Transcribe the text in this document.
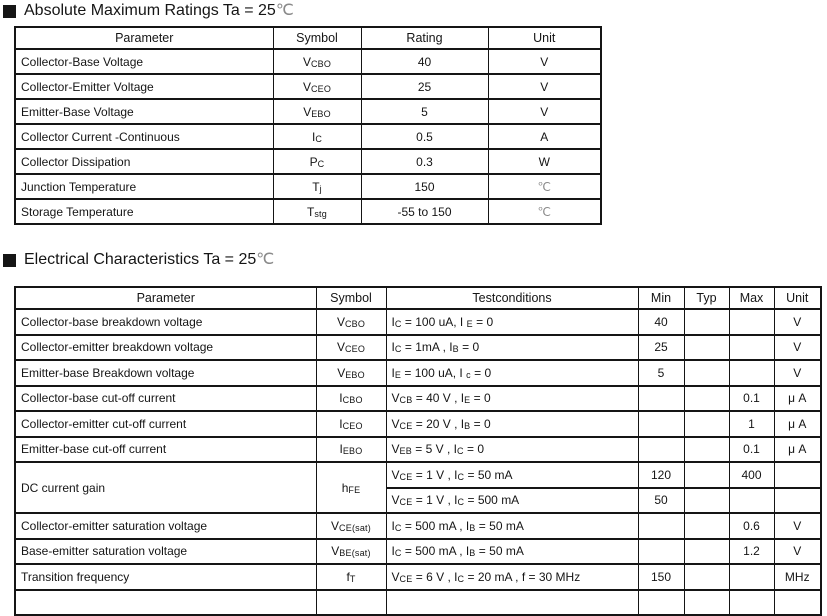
Absolute Maximum Ratings Ta = 25℃
Parameter	Symbol	Rating	Unit
Collector-Base Voltage	VCBO	40	V
Collector-Emitter Voltage	VCEO	25	V
Emitter-Base Voltage	VEBO	5	V
Collector Current -Continuous	IC	0.5	A
Collector Dissipation	PC	0.3	W
Junction Temperature	Tj	150	℃
Storage Temperature	Tstg	-55 to 150	℃
Electrical Characteristics Ta = 25℃
Parameter	Symbol	Testconditions	Min	Typ	Max	Unit
Collector-base breakdown voltage	VCBO	IC = 100 uA, I E = 0	40			V
Collector-emitter breakdown voltage	VCEO	IC = 1mA , IB = 0	25			V
Emitter-base Breakdown voltage	VEBO	IE = 100 uA, I c = 0	5			V
Collector-base cut-off current	ICBO	VCB = 40 V , IE = 0			0.1	μ A
Collector-emitter cut-off current	ICEO	VCE = 20 V , IB = 0			1	μ A
Emitter-base cut-off current	IEBO	VEB = 5 V , IC = 0			0.1	μ A
DC current gain	hFE	VCE = 1 V , IC = 50 mA	120		400	
		VCE = 1 V , IC = 500 mA	50			
Collector-emitter saturation voltage	VCE(sat)	IC = 500 mA , IB = 50 mA			0.6	V
Base-emitter saturation voltage	VBE(sat)	IC = 500 mA , IB = 50 mA			1.2	V
Transition frequency	fT	VCE = 6 V , IC = 20 mA , f = 30 MHz	150			MHz
